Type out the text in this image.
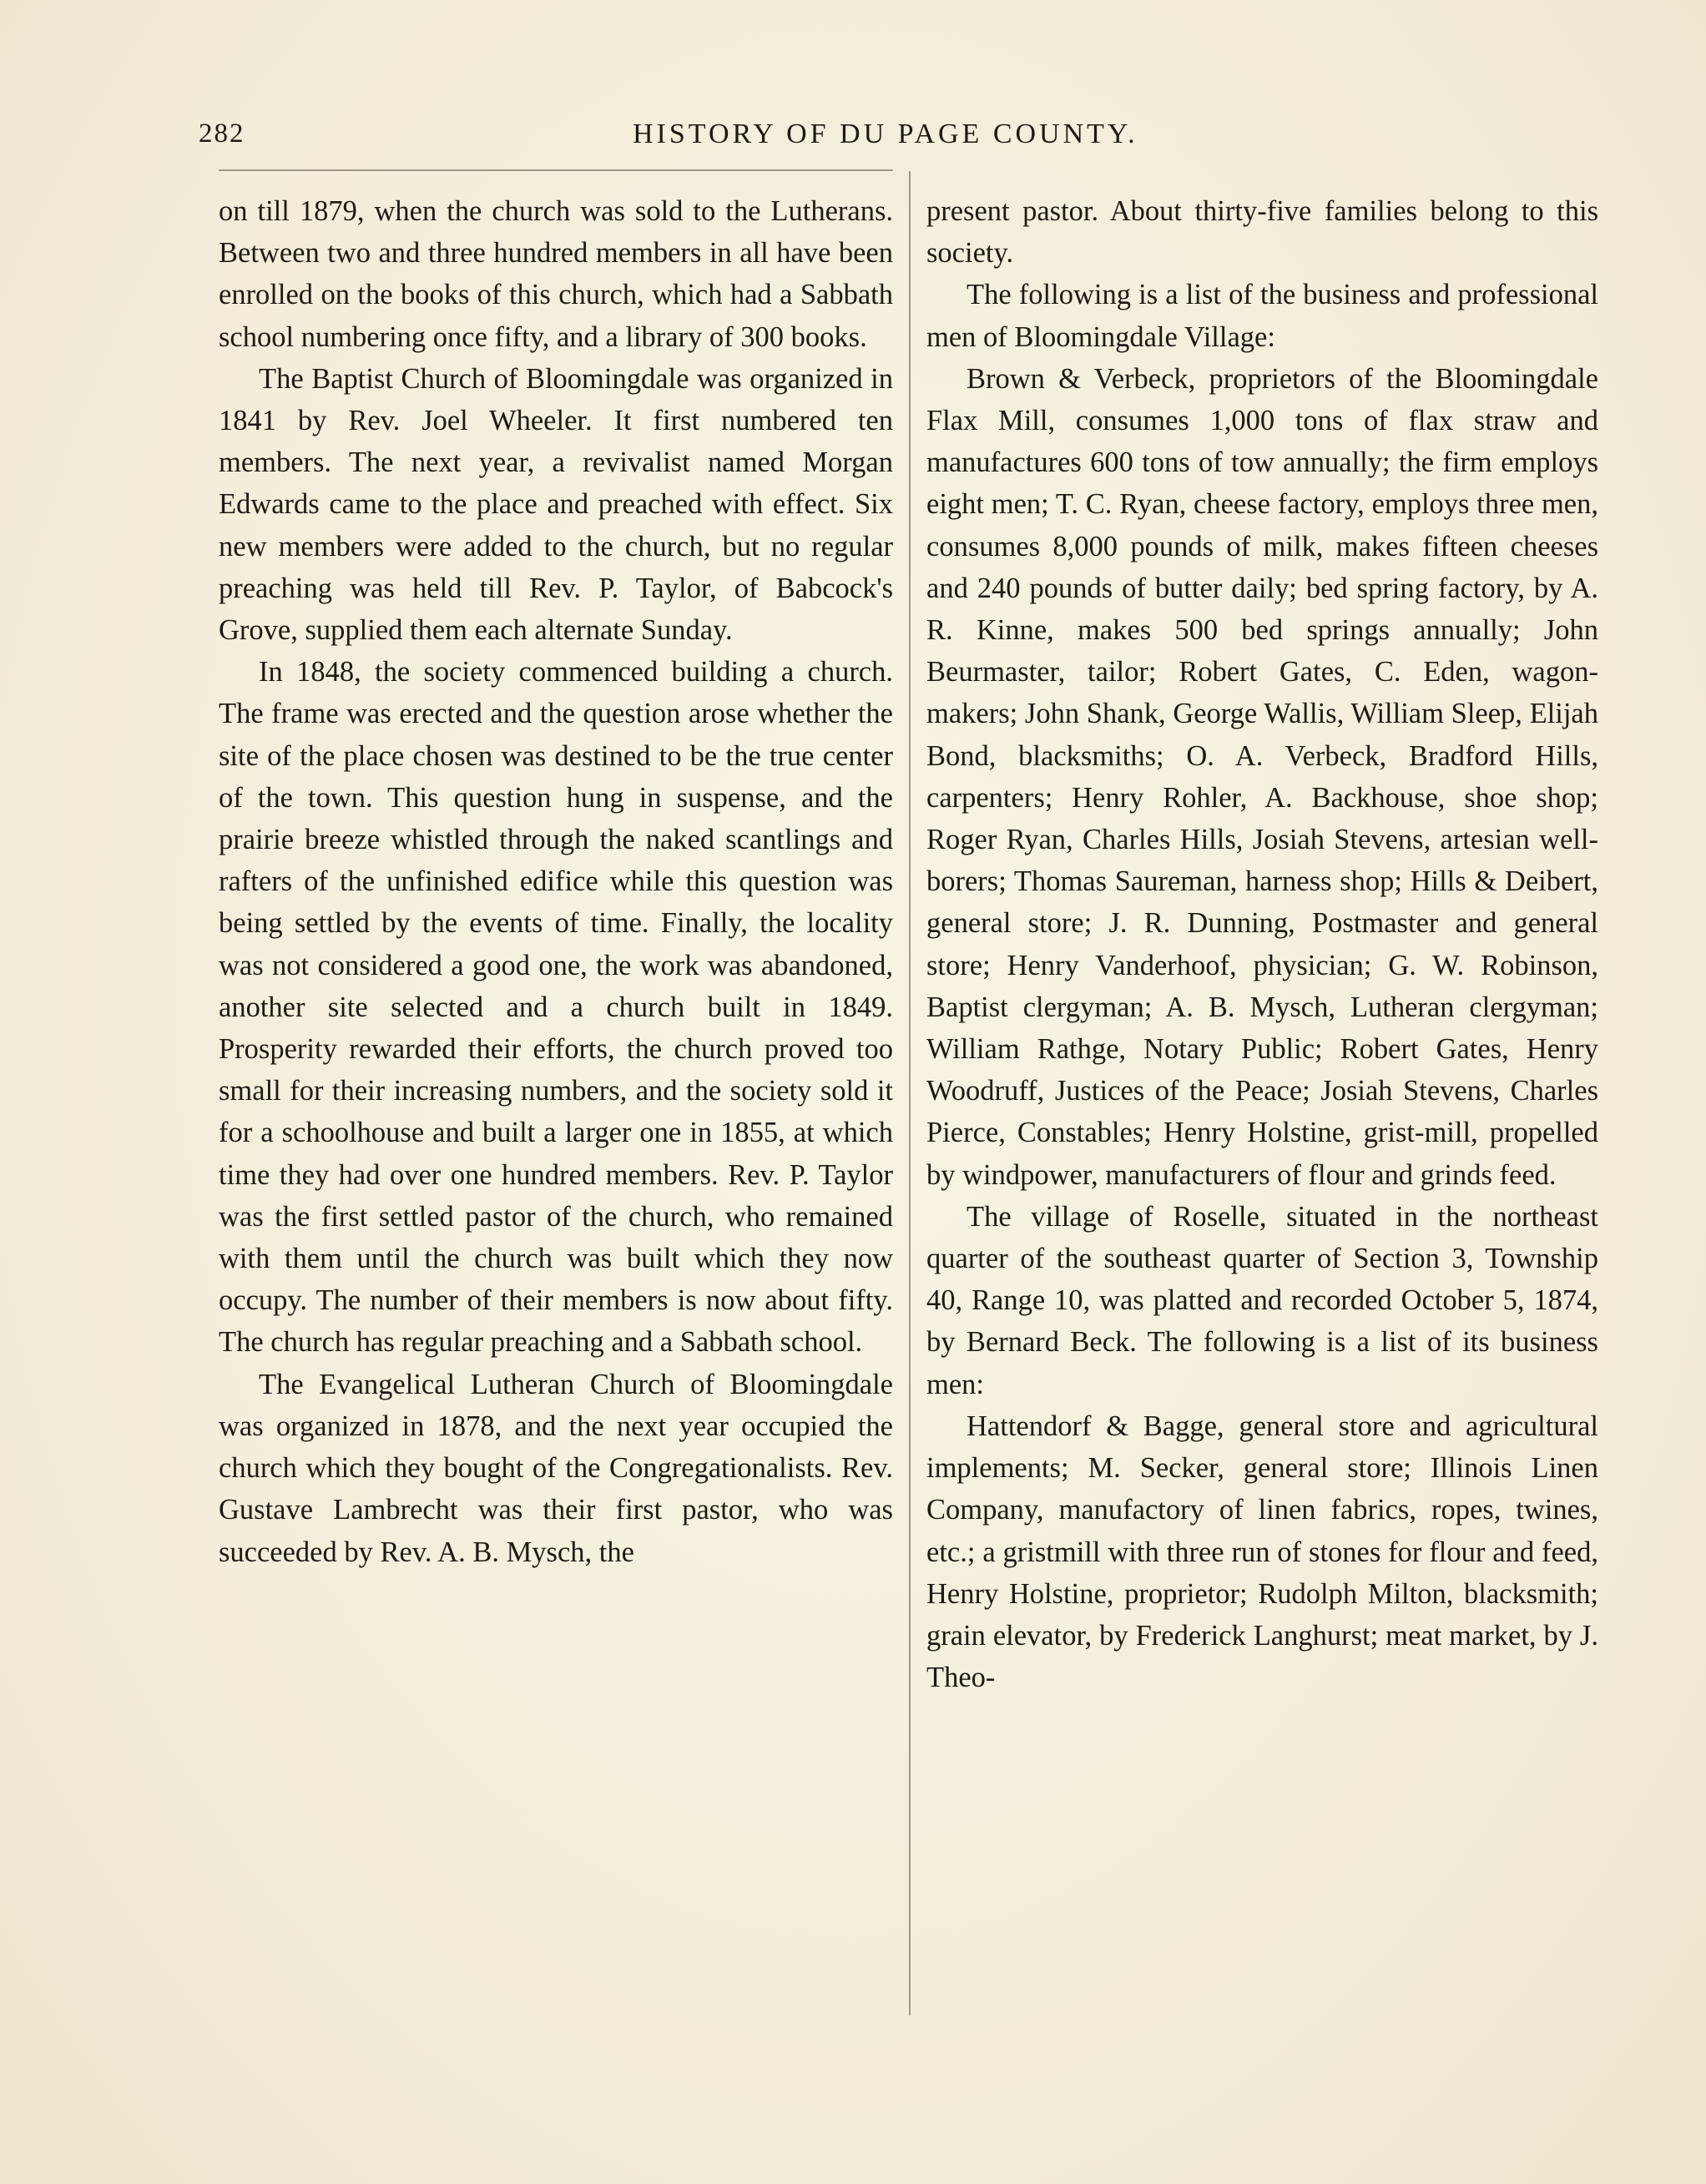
282	HISTORY OF DU PAGE COUNTY.

on till 1879, when the church was sold to the Lutherans. Between two and three hundred members in all have been enrolled on the books of this church, which had a Sabbath school numbering once fifty, and a library of 300 books.

The Baptist Church of Bloomingdale was organized in 1841 by Rev. Joel Wheeler. It first numbered ten members. The next year, a revivalist named Morgan Edwards came to the place and preached with effect. Six new members were added to the church, but no regular preaching was held till Rev. P. Taylor, of Babcock's Grove, supplied them each alternate Sunday.

In 1848, the society commenced building a church. The frame was erected and the question arose whether the site of the place chosen was destined to be the true center of the town. This question hung in suspense, and the prairie breeze whistled through the naked scantlings and rafters of the unfinished edifice while this question was being settled by the events of time. Finally, the locality was not considered a good one, the work was abandoned, another site selected and a church built in 1849. Prosperity rewarded their efforts, the church proved too small for their increasing numbers, and the society sold it for a schoolhouse and built a larger one in 1855, at which time they had over one hundred members. Rev. P. Taylor was the first settled pastor of the church, who remained with them until the church was built which they now occupy. The number of their members is now about fifty. The church has regular preaching and a Sabbath school.

The Evangelical Lutheran Church of Bloomingdale was organized in 1878, and the next year occupied the church which they bought of the Congregationalists. Rev. Gustave Lambrecht was their first pastor, who was succeeded by Rev. A. B. Mysch, the

present pastor. About thirty-five families belong to this society.

The following is a list of the business and professional men of Bloomingdale Village:

Brown & Verbeck, proprietors of the Bloomingdale Flax Mill, consumes 1,000 tons of flax straw and manufactures 600 tons of tow annually; the firm employs eight men; T. C. Ryan, cheese factory, employs three men, consumes 8,000 pounds of milk, makes fifteen cheeses and 240 pounds of butter daily; bed spring factory, by A. R. Kinne, makes 500 bed springs annually; John Beurmaster, tailor; Robert Gates, C. Eden, wagon-makers; John Shank, George Wallis, William Sleep, Elijah Bond, blacksmiths; O. A. Verbeck, Bradford Hills, carpenters; Henry Rohler, A. Backhouse, shoe shop; Roger Ryan, Charles Hills, Josiah Stevens, artesian well-borers; Thomas Saureman, harness shop; Hills & Deibert, general store; J. R. Dunning, Postmaster and general store; Henry Vanderhoof, physician; G. W. Robinson, Baptist clergyman; A. B. Mysch, Lutheran clergyman; William Rathge, Notary Public; Robert Gates, Henry Woodruff, Justices of the Peace; Josiah Stevens, Charles Pierce, Constables; Henry Holstine, grist-mill, propelled by windpower, manufacturers of flour and grinds feed.

The village of Roselle, situated in the northeast quarter of the southeast quarter of Section 3, Township 40, Range 10, was platted and recorded October 5, 1874, by Bernard Beck. The following is a list of its business men:

Hattendorf & Bagge, general store and agricultural implements; M. Secker, general store; Illinois Linen Company, manufactory of linen fabrics, ropes, twines, etc.; a gristmill with three run of stones for flour and feed, Henry Holstine, proprietor; Rudolph Milton, blacksmith; grain elevator, by Frederick Langhurst; meat market, by J. Theo-
